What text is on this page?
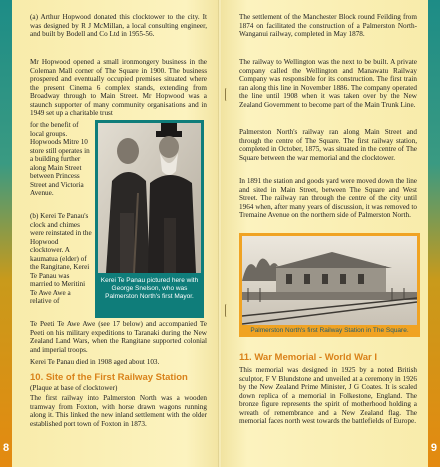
8

(a) Arthur Hopwood donated this clocktower to the city. It was designed by R J McMillan, a local consulting engineer, and built by Bodell and Co Ltd in 1955-56.

Mr Hopwood opened a small ironmongery business in the Coleman Mall corner of The Square in 1900. The business prospered and eventually occupied premises situated where the present Cinema 6 complex stands, extending from Broadway through to Main Street. Mr Hopwood was a staunch supporter of many community organisations and in 1949 set up a charitable trust

for the benefit of local groups. Hopwoods Mitre 10 store still operates in a building further along Main Street between Princess Street and Victoria Avenue.

(b) Kerei Te Panau's clock and chimes were reinstated in the Hopwood clocktower. A kaumatua (elder) of the Rangitane, Kerei Te Panau was married to Meritini Te Awe Awe a relative of

Te Peeti Te Awe Awe (see 17 below) and accompanied Te Peeti on his military expeditions to Taranaki during the New Zealand Land Wars, when the Rangitane supported colonial and imperial troops.

Kerei Te Panau died in 1908 aged about 103.

Kerei Te Panau pictured here with George Snelson, who was Palmerston North's first Mayor.

10. Site of the First Railway Station

(Plaque at base of clocktower)

The first railway into Palmerston North was a wooden tramway from Foxton, with horse drawn wagons running along it. This linked the new inland settlement with the older established port town of Foxton in 1873.

9

The settlement of the Manchester Block round Feilding from 1874 on facilitated the construction of a Palmerston North-Wanganui railway, completed in May 1878.

The railway to Wellington was the next to be built. A private company called the Wellington and Manawatu Railway Company was responsible for its construction. The first train ran along this line in November 1886. The company operated the line until 1908 when it was taken over by the New Zealand Government to become part of the Main Trunk Line.

Palmerston North's railway ran along Main Street and through the centre of The Square. The first railway station, completed in October, 1875, was situated in the centre of The Square between the war memorial and the clocktower.

In 1891 the station and goods yard were moved down the line and sited in Main Street, between The Square and West Street. The railway ran through the centre of the city until 1964 when, after many years of discussion, it was removed to Tremaine Avenue on the northern side of Palmerston North.

Palmerston North's first Railway Station in The Square.

11. War Memorial - World War I

This memorial was designed in 1925 by a noted British sculptor, F V Blundstone and unveiled at a ceremony in 1926 by the New Zealand Prime Minister, J G Coates. It is scaled down replica of a memorial in Folkestone, England. The bronze figure represents the spirit of motherhood holding a wreath of remembrance and a New Zealand flag. The memorial faces north west towards the battlefields of Europe.
